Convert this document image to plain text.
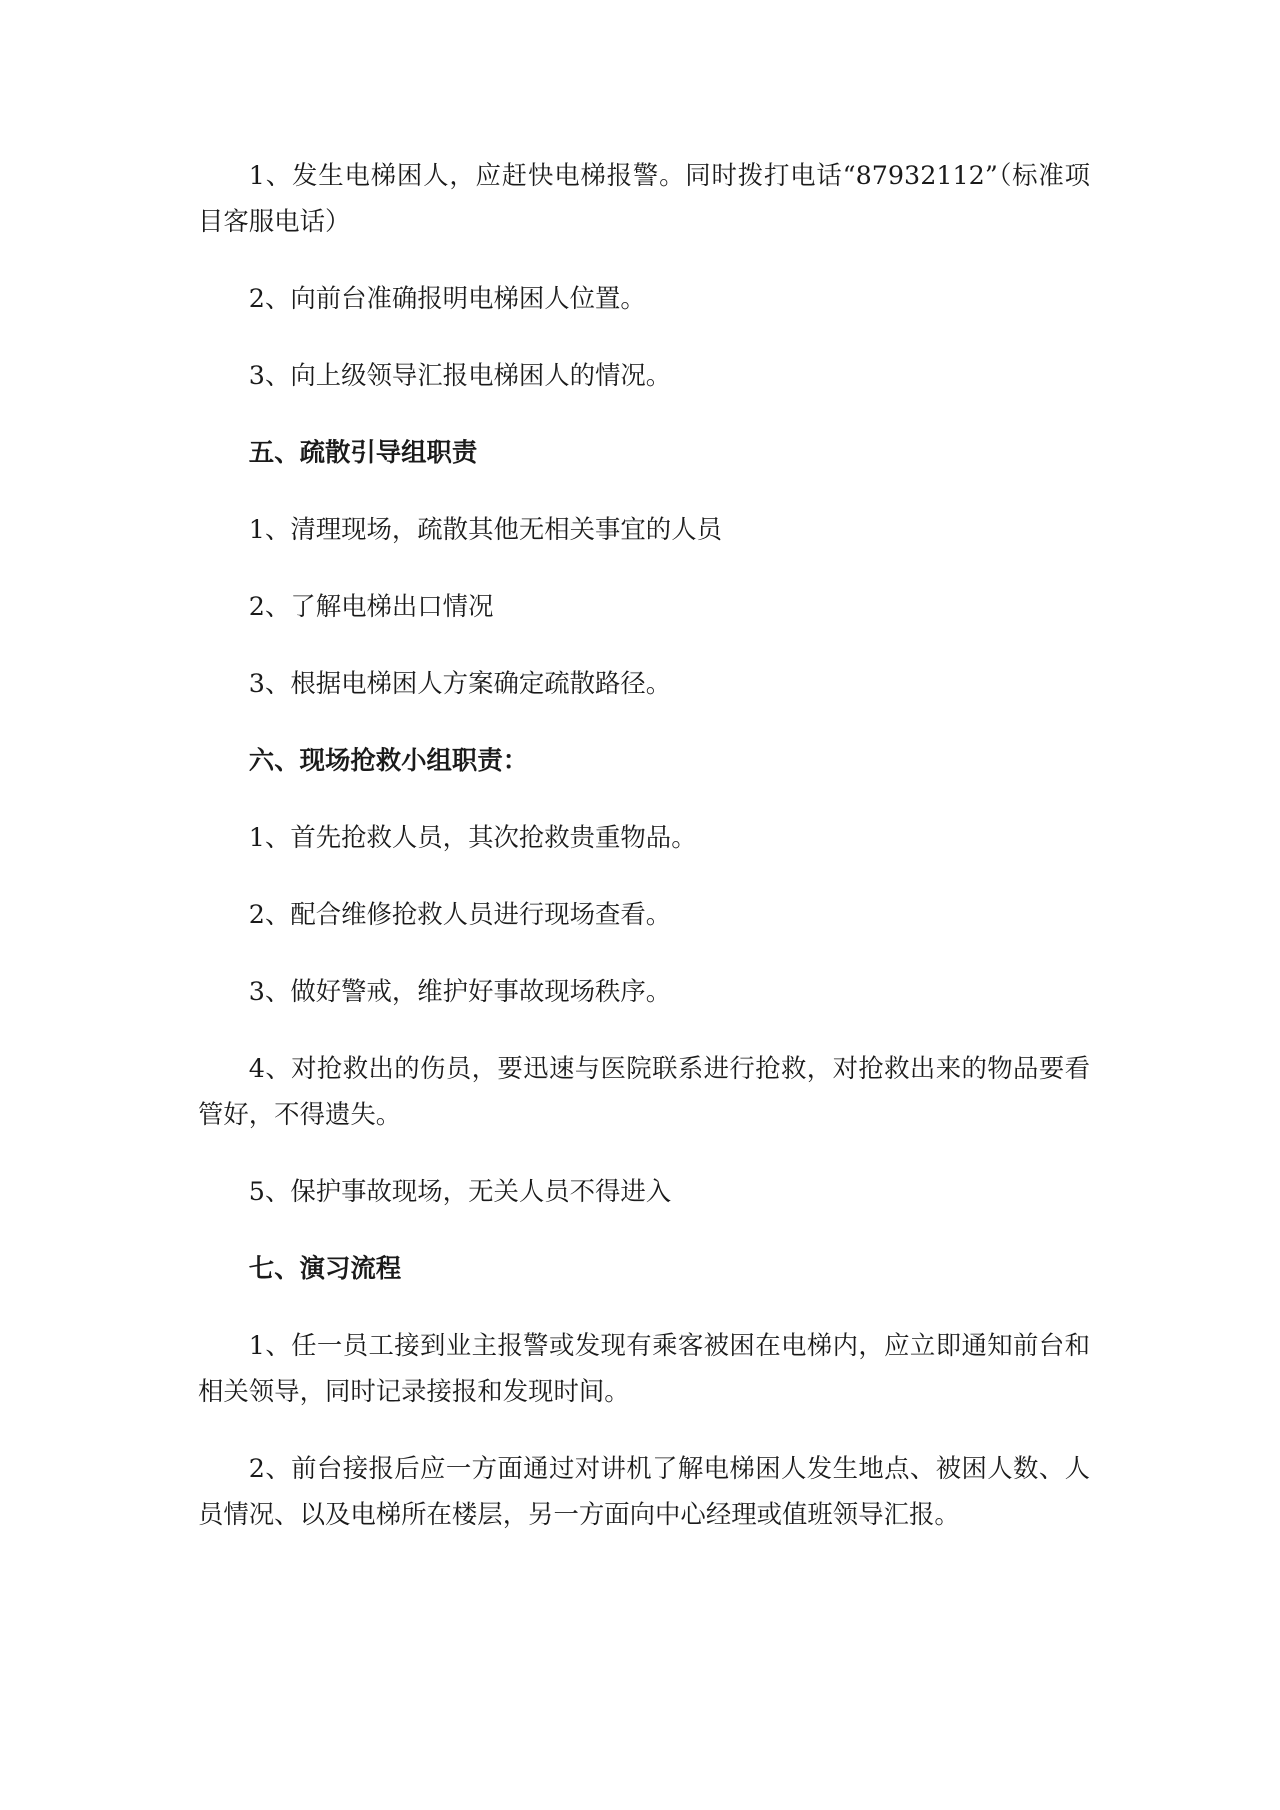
1、发生电梯困人，应赶快电梯报警。同时拨打电话“87932112”（标准项目客服电话）

2、向前台准确报明电梯困人位置。

3、向上级领导汇报电梯困人的情况。

五、疏散引导组职责

1、清理现场，疏散其他无相关事宜的人员

2、了解电梯出口情况

3、根据电梯困人方案确定疏散路径。

六、现场抢救小组职责：

1、首先抢救人员，其次抢救贵重物品。

2、配合维修抢救人员进行现场查看。

3、做好警戒，维护好事故现场秩序。

4、对抢救出的伤员，要迅速与医院联系进行抢救，对抢救出来的物品要看管好，不得遗失。

5、保护事故现场，无关人员不得进入

七、演习流程

1、任一员工接到业主报警或发现有乘客被困在电梯内，应立即通知前台和相关领导，同时记录接报和发现时间。

2、前台接报后应一方面通过对讲机了解电梯困人发生地点、被困人数、人员情况、以及电梯所在楼层，另一方面向中心经理或值班领导汇报。
